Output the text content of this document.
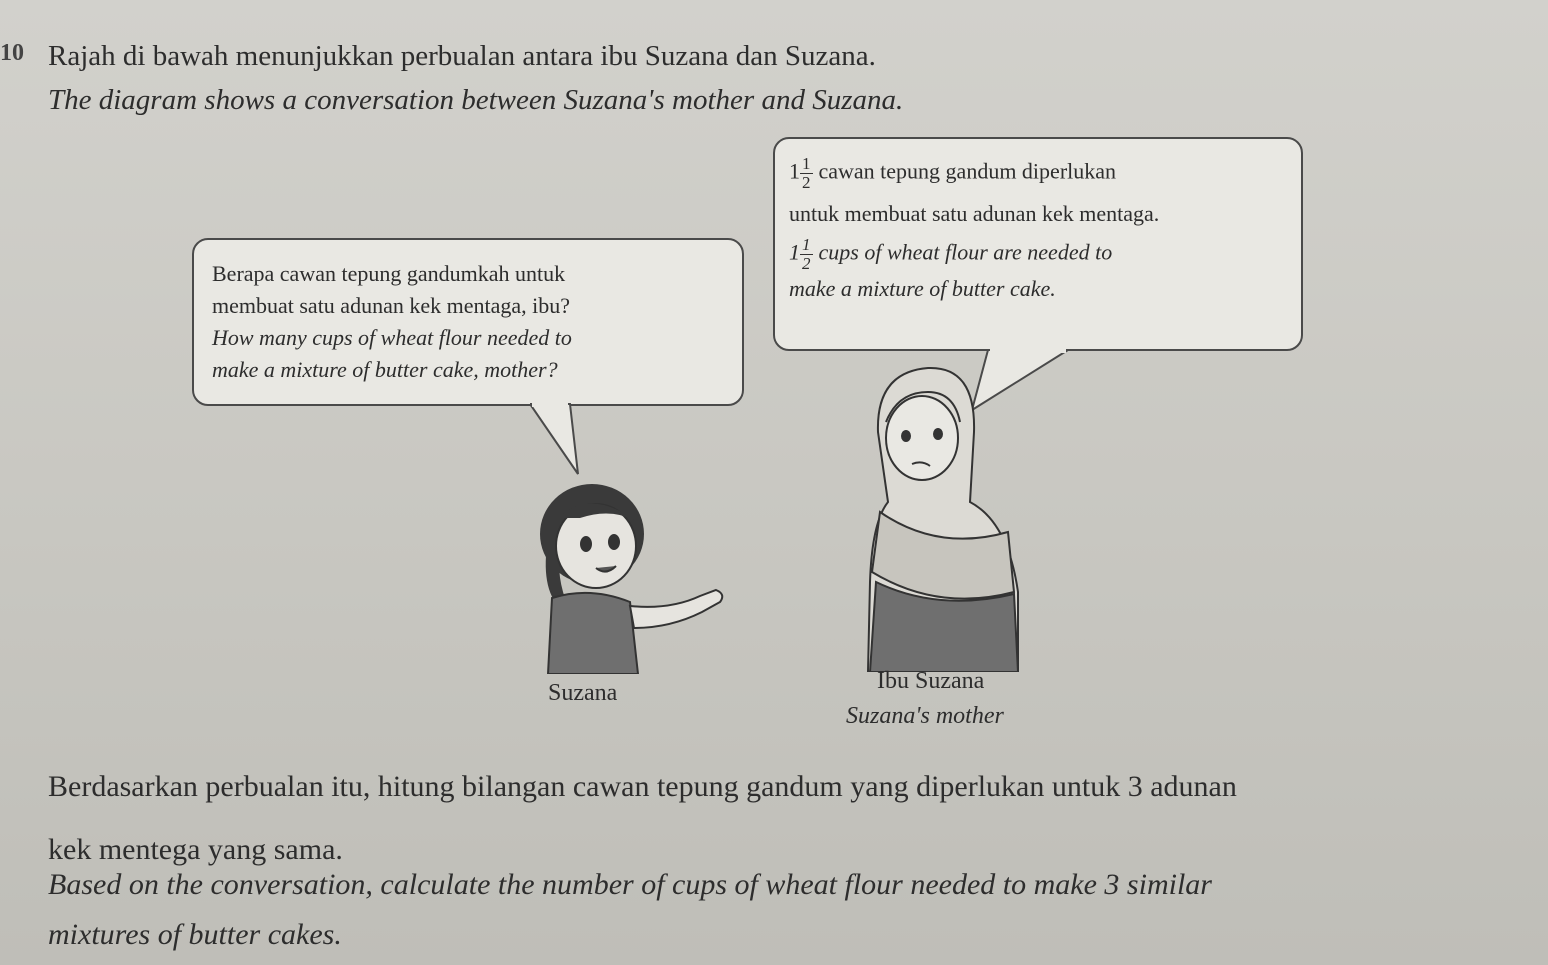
10 Rajah di bawah menunjukkan perbualan antara ibu Suzana dan Suzana.
The diagram shows a conversation between Suzana's mother and Suzana.
Berapa cawan tepung gandumkah untuk
membuat satu adunan kek mentaga, ibu?
How many cups of wheat flour needed to
make a mixture of butter cake, mother?
$1 \frac{1}{2}$ cawan tepung gandum diperlukan
untuk membuat satu adunan kek mentaga.
$1 \frac{1}{2}$ cups of wheat flour are needed to
make a mixture of butter cake.
Suzana	Ibu Suzana
Suzana's mother
Berdasarkan perbualan itu, hitung bilangan cawan tepung gandum yang diperlukan untuk 3 adunan
kek mentega yang sama.
Based on the conversation, calculate the number of cups of wheat flour needed to make 3 similar
mixtures of butter cakes.
